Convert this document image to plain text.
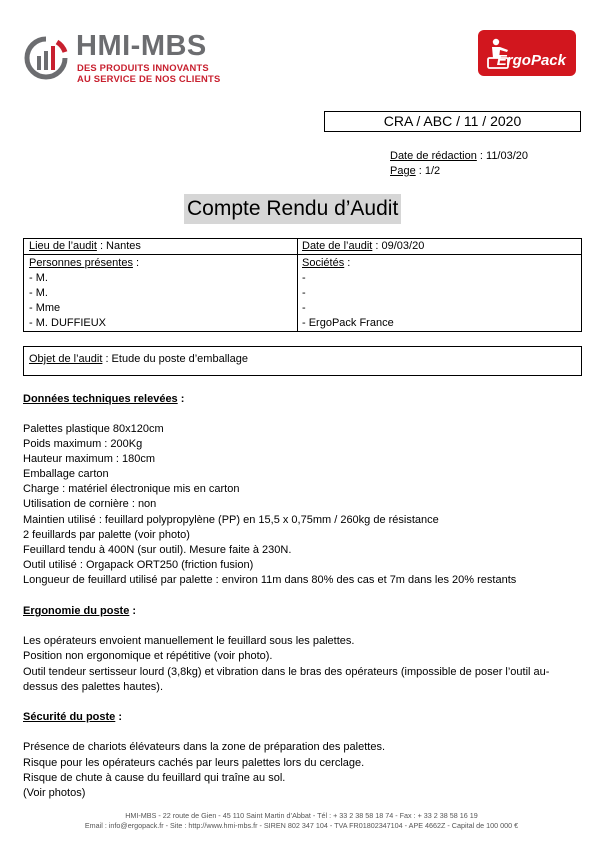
HMI-MBS
DES PRODUITS INNOVANTS
AU SERVICE DE NOS CLIENTS
ErgoPack
CRA / ABC / 11 / 2020
Date de rédaction : 11/03/20
Page : 1/2
Compte Rendu d’Audit
Lieu de l’audit : Nantes	Date de l’audit : 09/03/20
Personnes présentes :	Sociétés :
- M.
- M.
- Mme
- M. DUFFIEUX
-
-
-
- ErgoPack France
Objet de l’audit : Etude du poste d’emballage
Données techniques relevées :
Palettes plastique 80x120cm
Poids maximum : 200Kg
Hauteur maximum : 180cm
Emballage carton
Charge : matériel électronique mis en carton
Utilisation de cornière : non
Maintien utilisé : feuillard polypropylène (PP) en 15,5 x 0,75mm / 260kg de résistance
2 feuillards par palette (voir photo)
Feuillard tendu à 400N (sur outil). Mesure faite à 230N.
Outil utilisé : Orgapack ORT250 (friction fusion)
Longueur de feuillard utilisé par palette : environ 11m dans 80% des cas et 7m dans les 20% restants
Ergonomie du poste :
Les opérateurs envoient manuellement le feuillard sous les palettes.
Position non ergonomique et répétitive (voir photo).
Outil tendeur sertisseur lourd (3,8kg) et vibration dans le bras des opérateurs (impossible de poser l’outil au-
dessus des palettes hautes).
Sécurité du poste :
Présence de chariots élévateurs dans la zone de préparation des palettes.
Risque pour les opérateurs cachés par leurs palettes lors du cerclage.
Risque de chute à cause du feuillard qui traîne au sol.
(Voir photos)
HMI-MBS - 22 route de Gien - 45 110 Saint Martin d’Abbat - Tél : + 33 2 38 58 18 74 - Fax : + 33 2 38 58 16 19
Email : info@ergopack.fr - Site : http://www.hmi-mbs.fr - SIREN 802 347 104 - TVA FR01802347104 - APE 4662Z - Capital de 100 000 €
